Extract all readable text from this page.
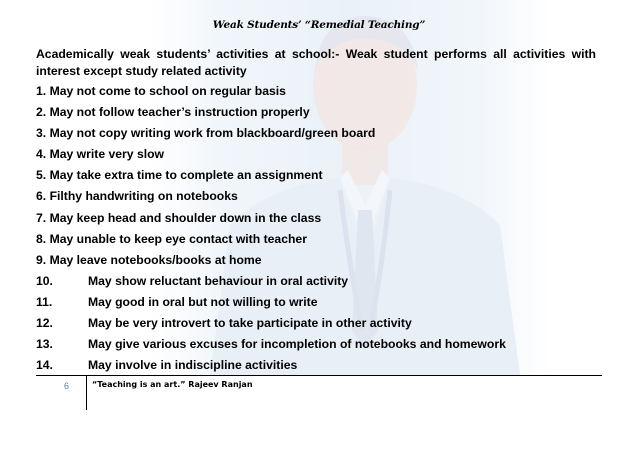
Weak Students’ “Remedial Teaching”

Academically weak students’ activities at school:- Weak student performs all activities with interest except study related activity

1. May not come to school on regular basis
2. May not follow teacher’s instruction properly
3. May not copy writing work from blackboard/green board
4. May write very slow
5. May take extra time to complete an assignment
6. Filthy handwriting on notebooks
7. May keep head and shoulder down in the class
8. May unable to keep eye contact with teacher
9. May leave notebooks/books at home
10.	May show reluctant behaviour in oral activity
11.	May good in oral but not willing to write
12.	May be very introvert to take participate in other activity
13.	May give various excuses for incompletion of notebooks and homework
14.	May involve in indiscipline activities
6	“Teaching is an art.” Rajeev Ranjan
